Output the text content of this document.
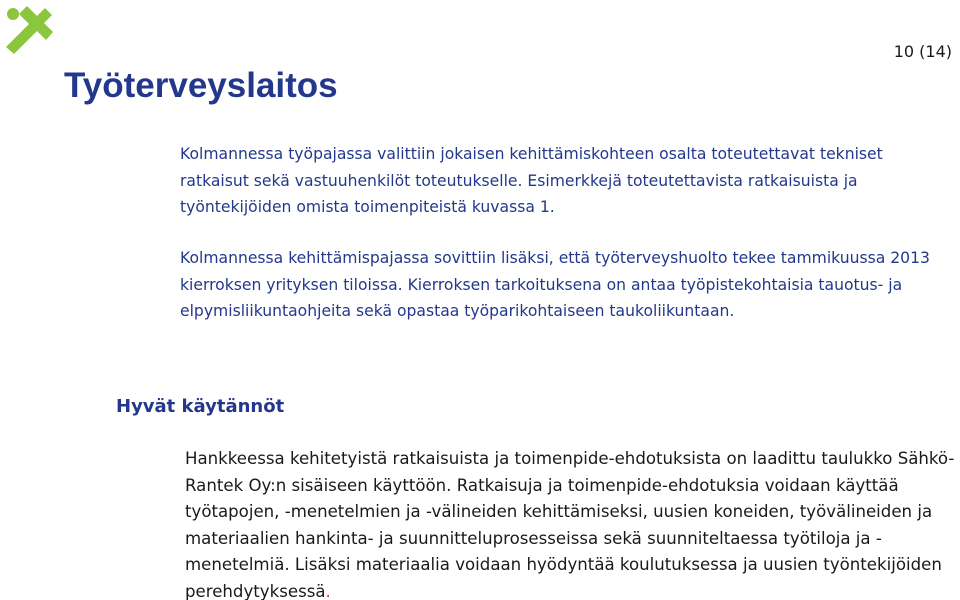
Työterveyslaitos
10 (14)

Kolmannessa työpajassa valittiin jokaisen kehittämiskohteen osalta toteutettavat tekniset ratkaisut sekä vastuuhenkilöt toteutukselle. Esimerkkejä toteutettavista ratkaisuista ja työntekijöiden omista toimenpiteistä kuvassa 1.

Kolmannessa kehittämispajassa sovittiin lisäksi, että työterveyshuolto tekee tammikuussa 2013 kierroksen yrityksen tiloissa. Kierroksen tarkoituksena on antaa työpistekohtaisia tauotus- ja elpymisliikuntaohjeita sekä opastaa työparikohtaiseen taukoliikuntaan.

Hyvät käytännöt

Hankkeessa kehitetyistä ratkaisuista ja toimenpide-ehdotuksista on laadittu taulukko Sähkö-Rantek Oy:n sisäiseen käyttöön. Ratkaisuja ja toimenpide-ehdotuksia voidaan käyttää työtapojen, -menetelmien ja -välineiden kehittämiseksi, uusien koneiden, työvälineiden ja materiaalien hankinta- ja suunnitteluprosesseissa sekä suunniteltaessa työtiloja ja -menetelmiä. Lisäksi materiaalia voidaan hyödyntää koulutuksessa ja uusien työntekijöiden perehdytyksessä.
